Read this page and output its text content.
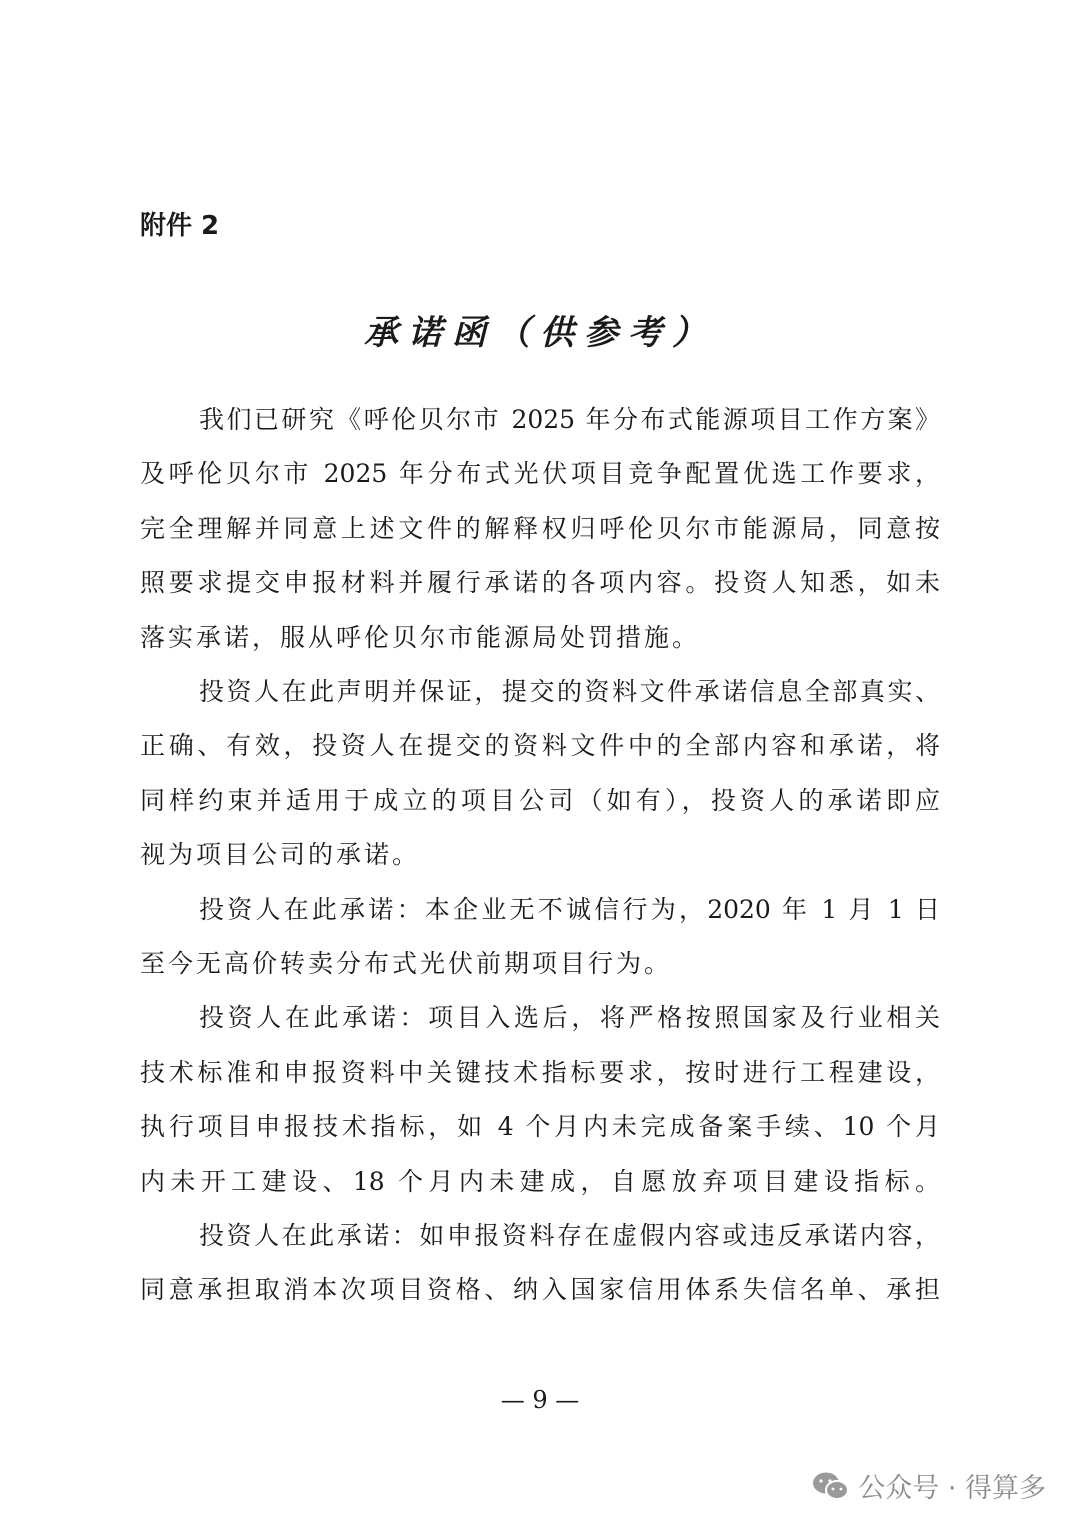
附件 2
承诺函（供参考）
我们已研究《呼伦贝尔市 2025 年分布式能源项目工作方案》
及呼伦贝尔市 2025 年分布式光伏项目竞争配置优选工作要求，
完全理解并同意上述文件的解释权归呼伦贝尔市能源局，同意按
照要求提交申报材料并履行承诺的各项内容。投资人知悉，如未
落实承诺，服从呼伦贝尔市能源局处罚措施。
投资人在此声明并保证，提交的资料文件承诺信息全部真实、
正确、有效，投资人在提交的资料文件中的全部内容和承诺，将
同样约束并适用于成立的项目公司（如有），投资人的承诺即应
视为项目公司的承诺。
投资人在此承诺：本企业无不诚信行为，2020 年 1 月 1 日
至今无高价转卖分布式光伏前期项目行为。
投资人在此承诺：项目入选后，将严格按照国家及行业相关
技术标准和申报资料中关键技术指标要求，按时进行工程建设，
执行项目申报技术指标，如 4 个月内未完成备案手续、10 个月
内未开工建设、18 个月内未建成，自愿放弃项目建设指标。
投资人在此承诺：如申报资料存在虚假内容或违反承诺内容，
同意承担取消本次项目资格、纳入国家信用体系失信名单、承担
— 9 —
公众号 · 得算多
